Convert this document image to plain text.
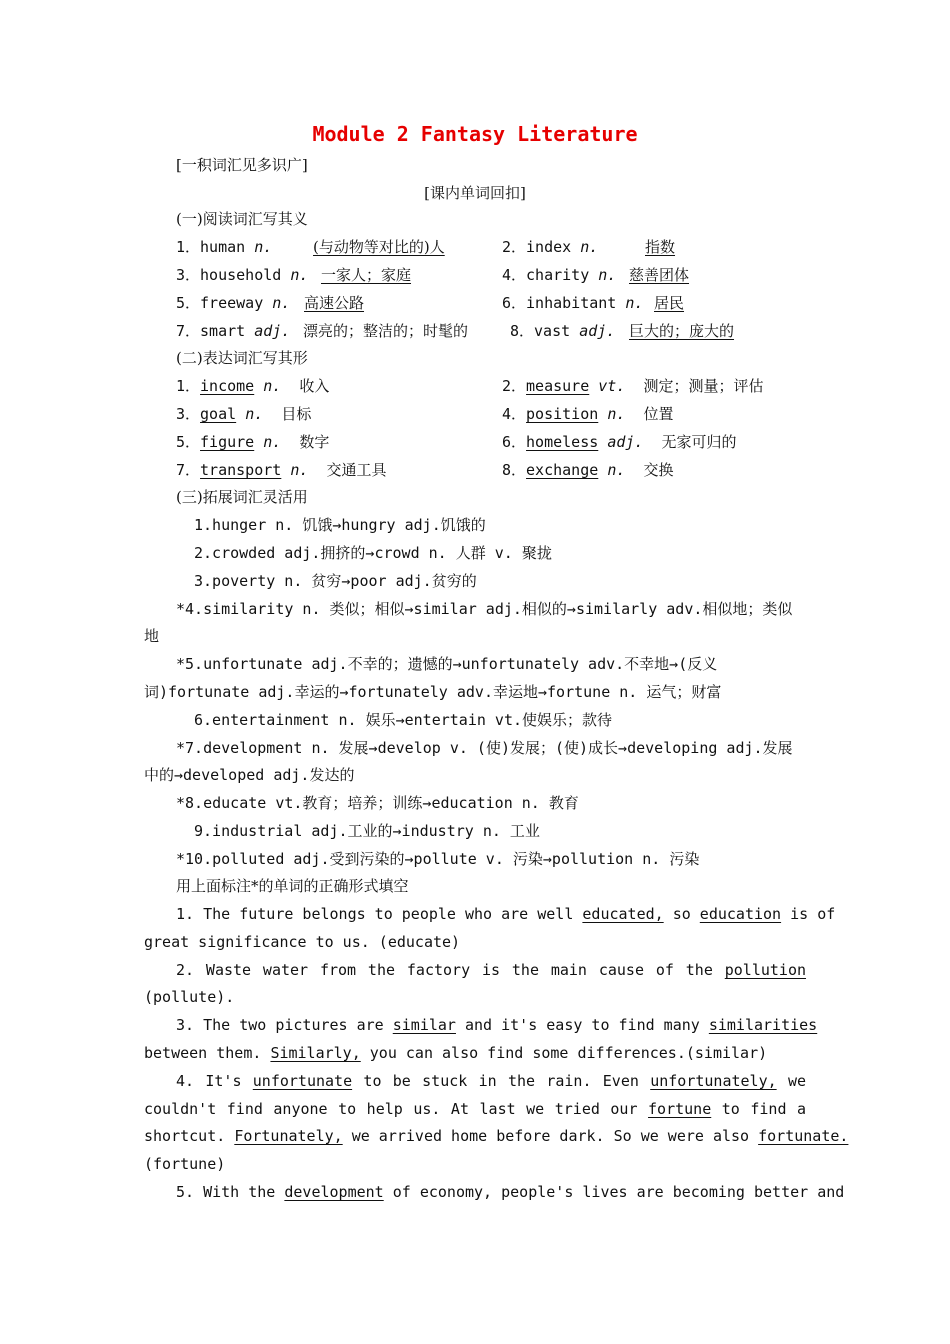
Module 2 Fantasy Literature
[一积词汇见多识广]
[课内单词回扣]
(一)阅读词汇写其义
1．human n.	(与动物等对比的)人	2．index n.	指数
3．household n. 一家人；家庭	4．charity n. 慈善团体
5．freeway n. 高速公路	6．inhabitant n. 居民
7．smart adj. 漂亮的；整洁的；时髦的	8．vast adj. 巨大的；庞大的
(二)表达词汇写其形
1．income n. 收入	2．measure vt. 测定；测量；评估
3．goal n. 目标	4．position n. 位置
5．figure n. 数字	6．homeless adj. 无家可归的
7．transport n. 交通工具	8．exchange n. 交换
(三)拓展词汇灵活用
1.hunger n. 饥饿→hungry adj.饥饿的
2.crowded adj.拥挤的→crowd n. 人群 v. 聚拢
3.poverty n. 贫穷→poor adj.贫穷的
*4.similarity n. 类似；相似→similar adj.相似的→similarly adv.相似地；类似
地
*5.unfortunate adj.不幸的；遗憾的→unfortunately adv.不幸地→(反义
词)fortunate adj.幸运的→fortunately adv.幸运地→fortune n. 运气；财富
6.entertainment n. 娱乐→entertain vt.使娱乐；款待
*7.development n. 发展→develop v. (使)发展；(使)成长→developing adj.发展
中的→developed adj.发达的
*8.educate vt.教育；培养；训练→education n. 教育
9.industrial adj.工业的→industry n. 工业
*10.polluted adj.受到污染的→pollute v. 污染→pollution n. 污染
用上面标注*的单词的正确形式填空
1. The future belongs to people who are well educated, so education is of
great significance to us. (educate)
2. Waste water from the factory is the main cause of the pollution
(pollute).
3. The two pictures are similar and it's easy to find many similarities
between them. Similarly, you can also find some differences.(similar)
4. It's unfortunate to be stuck in the rain. Even unfortunately, we
couldn't find anyone to help us. At last we tried our fortune to find a
shortcut. Fortunately, we arrived home before dark. So we were also fortunate.
(fortune)
5. With the development of economy, people's lives are becoming better and
